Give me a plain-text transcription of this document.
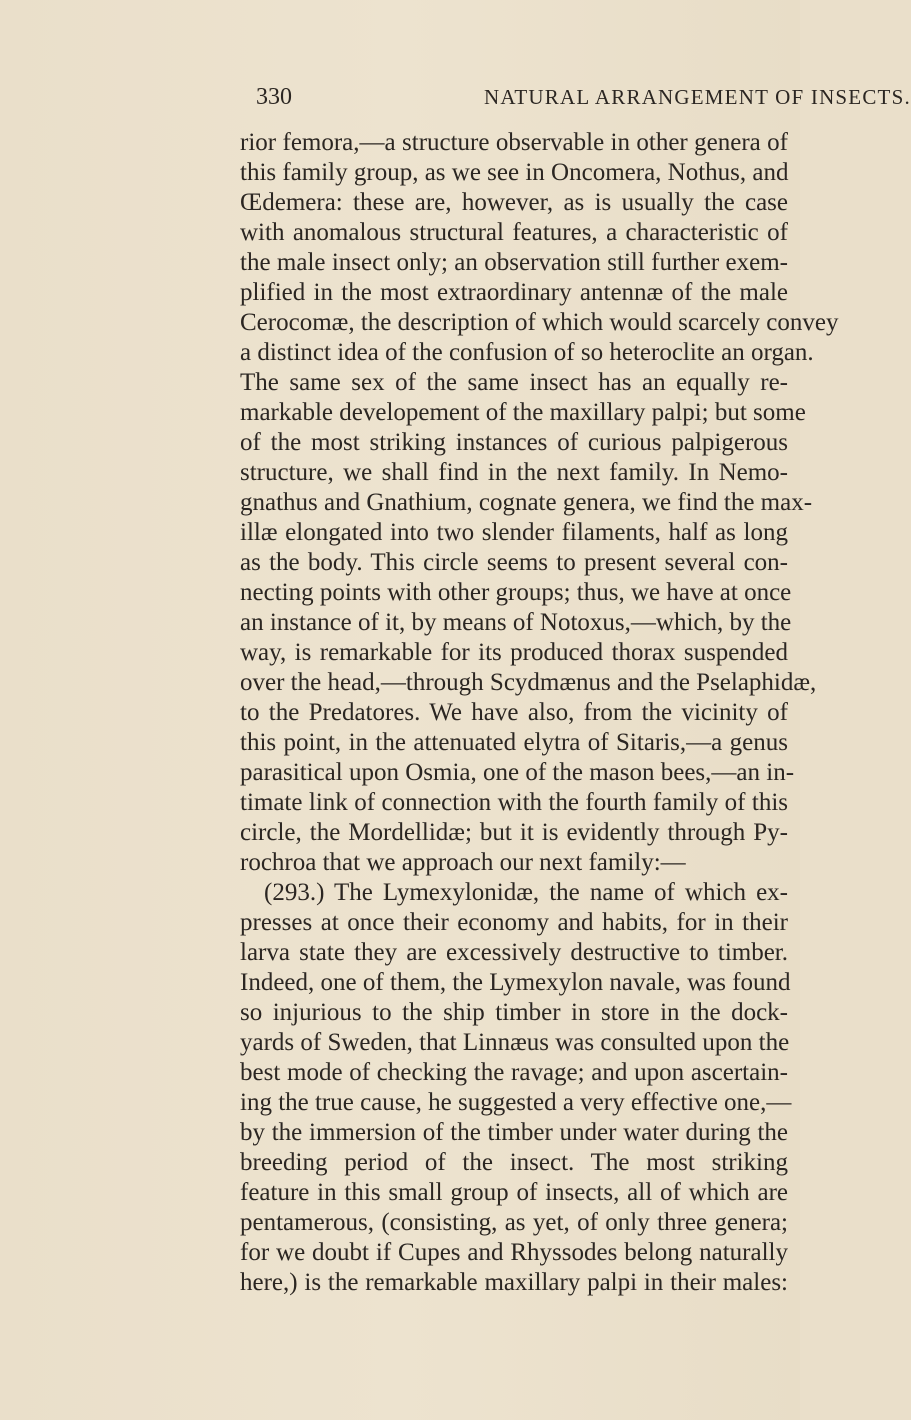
330	NATURAL ARRANGEMENT OF INSECTS.
rior femora,—a structure observable in other genera of
this family group, as we see in Oncomera, Nothus, and
Œdemera: these are, however, as is usually the case
with anomalous structural features, a characteristic of
the male insect only; an observation still further exem-
plified in the most extraordinary antennæ of the male
Cerocomæ, the description of which would scarcely convey
a distinct idea of the confusion of so heteroclite an organ.
The same sex of the same insect has an equally re-
markable developement of the maxillary palpi; but some
of the most striking instances of curious palpigerous
structure, we shall find in the next family. In Nemo-
gnathus and Gnathium, cognate genera, we find the max-
illæ elongated into two slender filaments, half as long
as the body. This circle seems to present several con-
necting points with other groups; thus, we have at once
an instance of it, by means of Notoxus,—which, by the
way, is remarkable for its produced thorax suspended
over the head,—through Scydmænus and the Pselaphidæ,
to the Predatores. We have also, from the vicinity of
this point, in the attenuated elytra of Sitaris,—a genus
parasitical upon Osmia, one of the mason bees,—an in-
timate link of connection with the fourth family of this
circle, the Mordellidæ; but it is evidently through Py-
rochroa that we approach our next family:—
(293.) The Lymexylonidæ, the name of which ex-
presses at once their economy and habits, for in their
larva state they are excessively destructive to timber.
Indeed, one of them, the Lymexylon navale, was found
so injurious to the ship timber in store in the dock-
yards of Sweden, that Linnæus was consulted upon the
best mode of checking the ravage; and upon ascertain-
ing the true cause, he suggested a very effective one,—
by the immersion of the timber under water during the
breeding period of the insect. The most striking
feature in this small group of insects, all of which are
pentamerous, (consisting, as yet, of only three genera;
for we doubt if Cupes and Rhyssodes belong naturally
here,) is the remarkable maxillary palpi in their males:
